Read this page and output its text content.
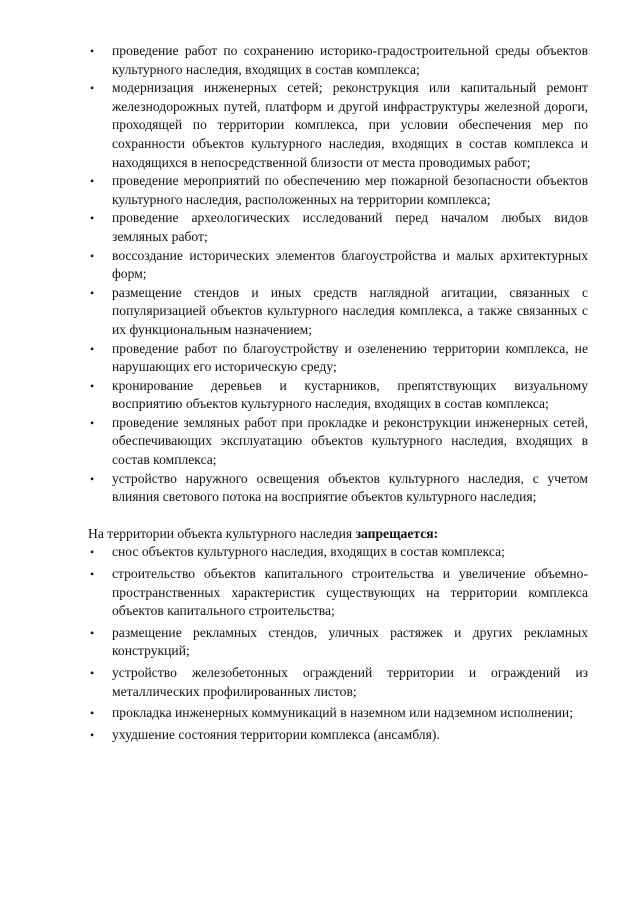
• проведение работ по сохранению историко-градостроительной среды объектов культурного наследия, входящих в состав комплекса;
• модернизация инженерных сетей; реконструкция или капитальный ремонт железнодорожных путей, платформ и другой инфраструктуры железной дороги, проходящей по территории комплекса, при условии обеспечения мер по сохранности объектов культурного наследия, входящих в состав комплекса и находящихся в непосредственной близости от места проводимых работ;
• проведение мероприятий по обеспечению мер пожарной безопасности объектов культурного наследия, расположенных на территории комплекса;
• проведение археологических исследований перед началом любых видов земляных работ;
• воссоздание исторических элементов благоустройства и малых архитектурных форм;
• размещение стендов и иных средств наглядной агитации, связанных с популяризацией объектов культурного наследия комплекса, а также связанных с их функциональным назначением;
• проведение работ по благоустройству и озеленению территории комплекса, не нарушающих его историческую среду;
• кронирование деревьев и кустарников, препятствующих визуальному восприятию объектов культурного наследия, входящих в состав комплекса;
• проведение земляных работ при прокладке и реконструкции инженерных сетей, обеспечивающих эксплуатацию объектов культурного наследия, входящих в состав комплекса;
• устройство наружного освещения объектов культурного наследия, с учетом влияния светового потока на восприятие объектов культурного наследия;

На территории объекта культурного наследия запрещается:

• снос объектов культурного наследия, входящих в состав комплекса;
• строительство объектов капитального строительства и увеличение объемно-пространственных характеристик существующих на территории комплекса объектов капитального строительства;
• размещение рекламных стендов, уличных растяжек и других рекламных конструкций;
• устройство железобетонных ограждений территории и ограждений из металлических профилированных листов;
• прокладка инженерных коммуникаций в наземном или надземном исполнении;
• ухудшение состояния территории комплекса (ансамбля).
